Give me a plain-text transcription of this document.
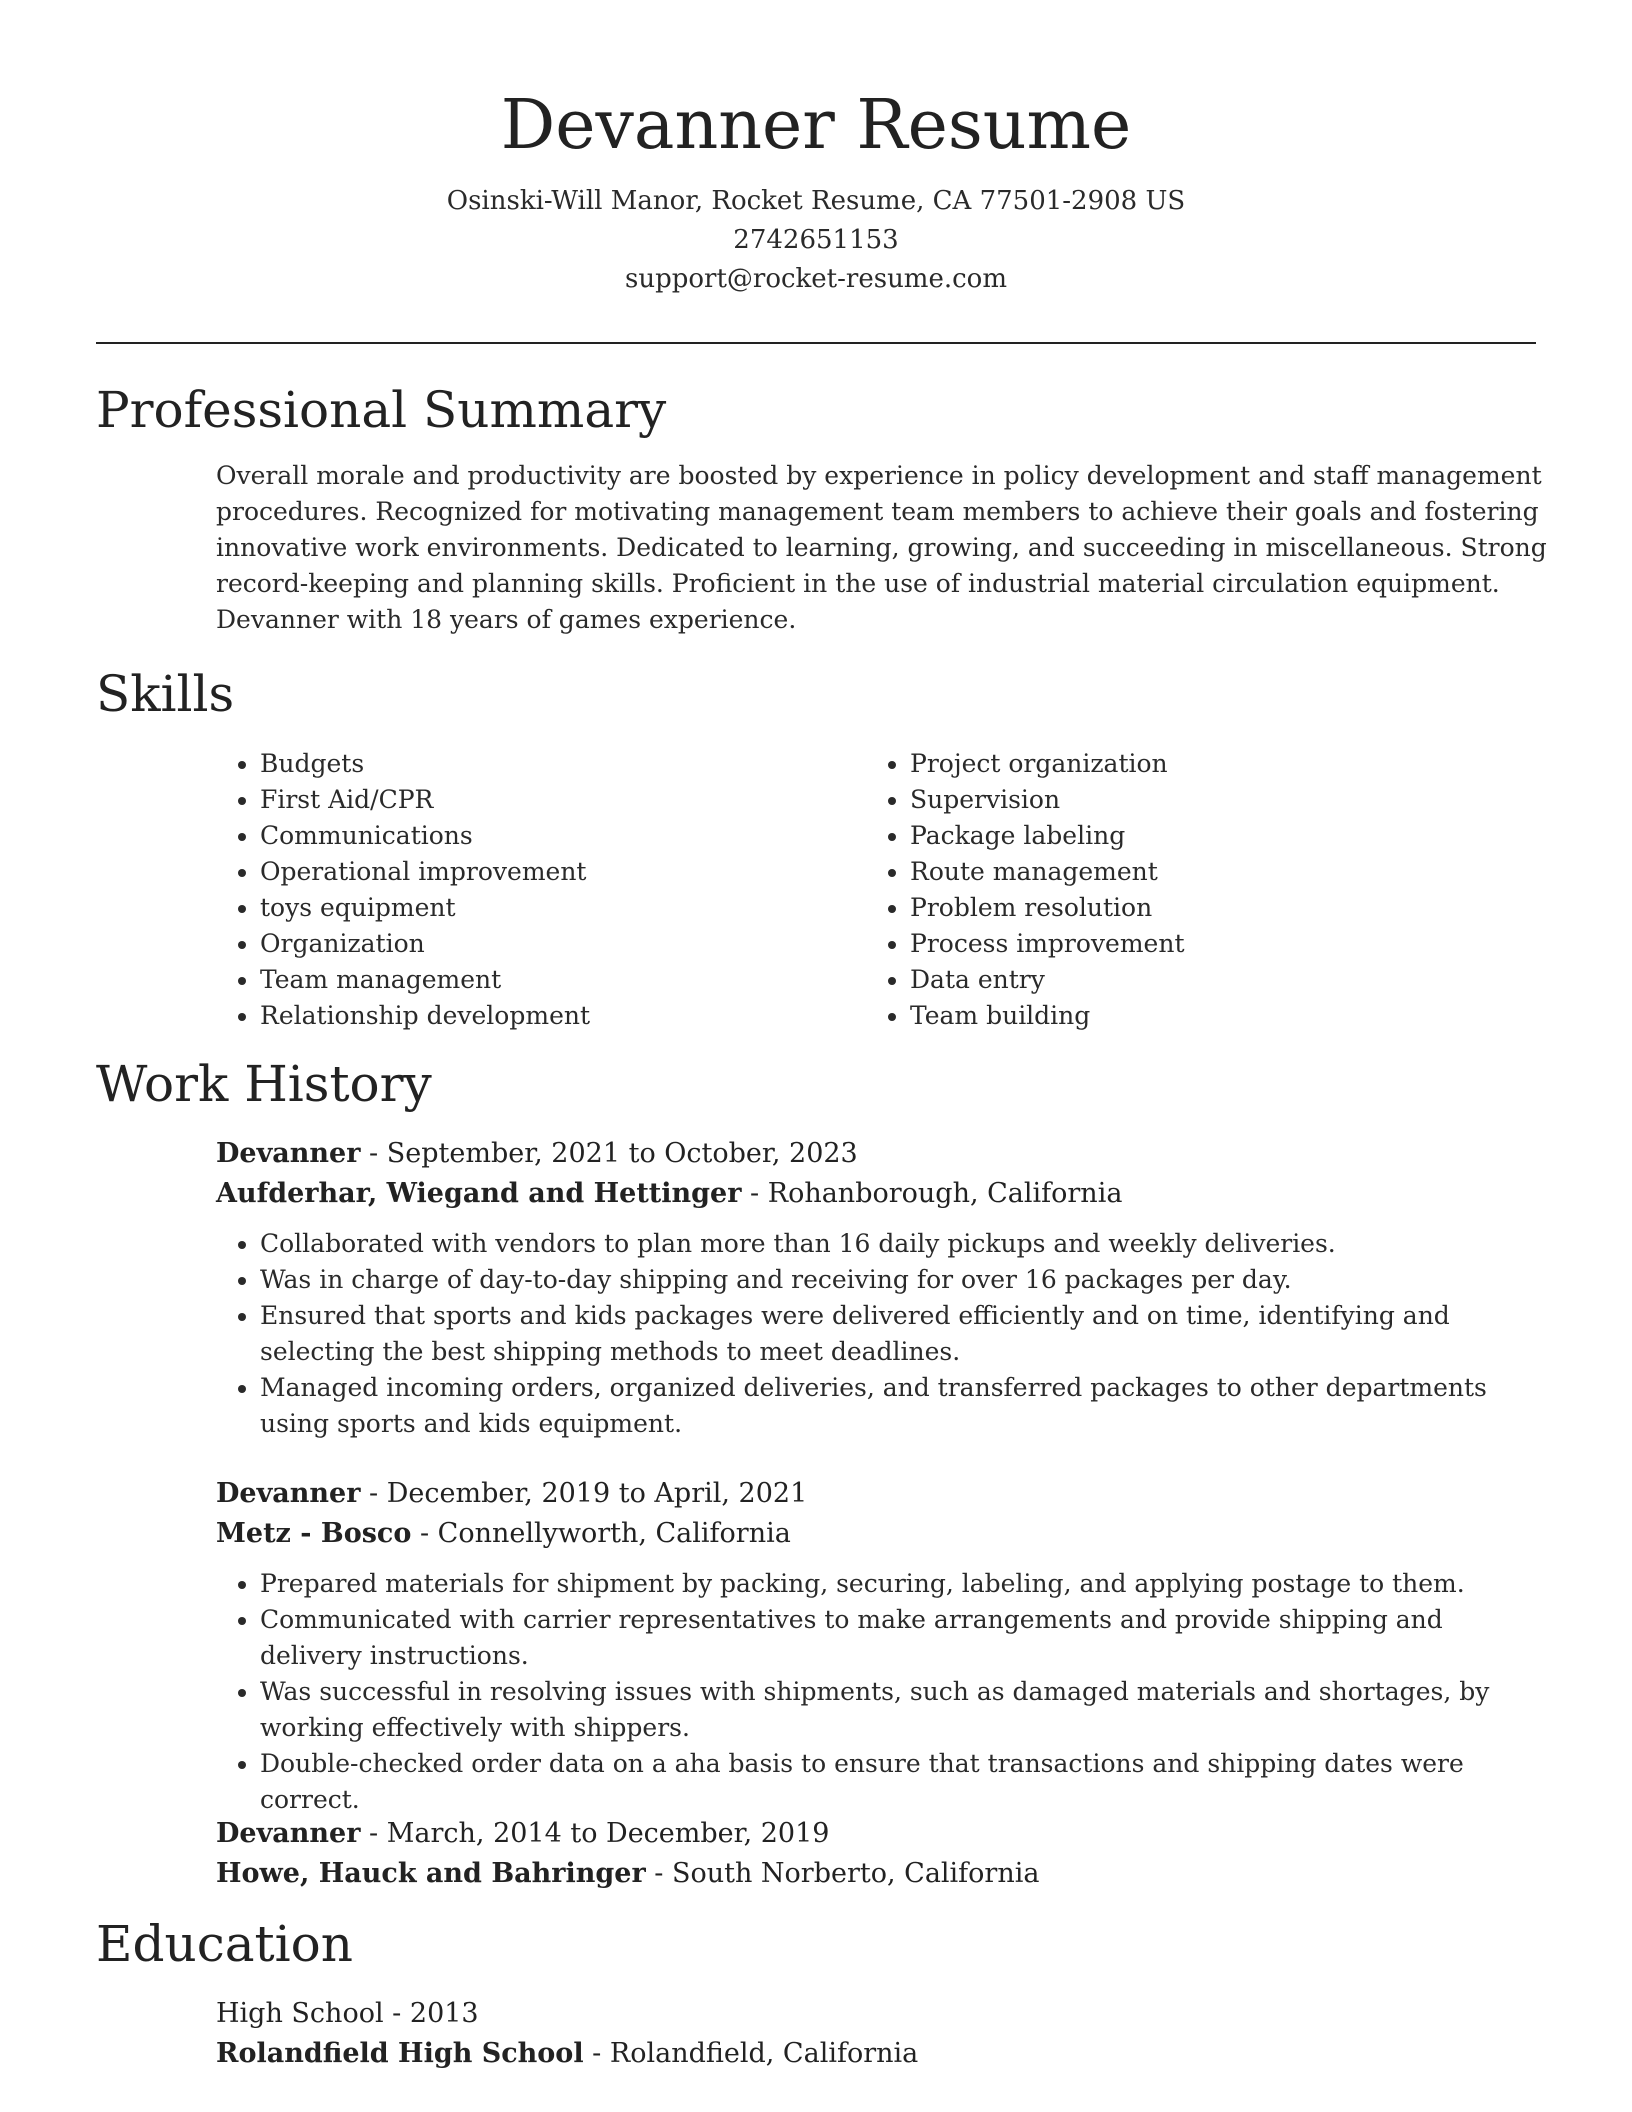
Devanner Resume
Osinski-Will Manor, Rocket Resume, CA 77501-2908 US
2742651153
support@rocket-resume.com
Professional Summary
Overall morale and productivity are boosted by experience in policy development and staff management
procedures. Recognized for motivating management team members to achieve their goals and fostering
innovative work environments. Dedicated to learning, growing, and succeeding in miscellaneous. Strong
record-keeping and planning skills. Proficient in the use of industrial material circulation equipment.
Devanner with 18 years of games experience.
Skills
• Budgets
• First Aid/CPR
• Communications
• Operational improvement
• toys equipment
• Organization
• Team management
• Relationship development
• Project organization
• Supervision
• Package labeling
• Route management
• Problem resolution
• Process improvement
• Data entry
• Team building
Work History
Devanner - September, 2021 to October, 2023
Aufderhar, Wiegand and Hettinger - Rohanborough, California
• Collaborated with vendors to plan more than 16 daily pickups and weekly deliveries.
• Was in charge of day-to-day shipping and receiving for over 16 packages per day.
• Ensured that sports and kids packages were delivered efficiently and on time, identifying and selecting the best shipping methods to meet deadlines.
• Managed incoming orders, organized deliveries, and transferred packages to other departments using sports and kids equipment.
Devanner - December, 2019 to April, 2021
Metz - Bosco - Connellyworth, California
• Prepared materials for shipment by packing, securing, labeling, and applying postage to them.
• Communicated with carrier representatives to make arrangements and provide shipping and delivery instructions.
• Was successful in resolving issues with shipments, such as damaged materials and shortages, by working effectively with shippers.
• Double-checked order data on a aha basis to ensure that transactions and shipping dates were correct.
Devanner - March, 2014 to December, 2019
Howe, Hauck and Bahringer - South Norberto, California
Education
High School - 2013
Rolandfield High School - Rolandfield, California
